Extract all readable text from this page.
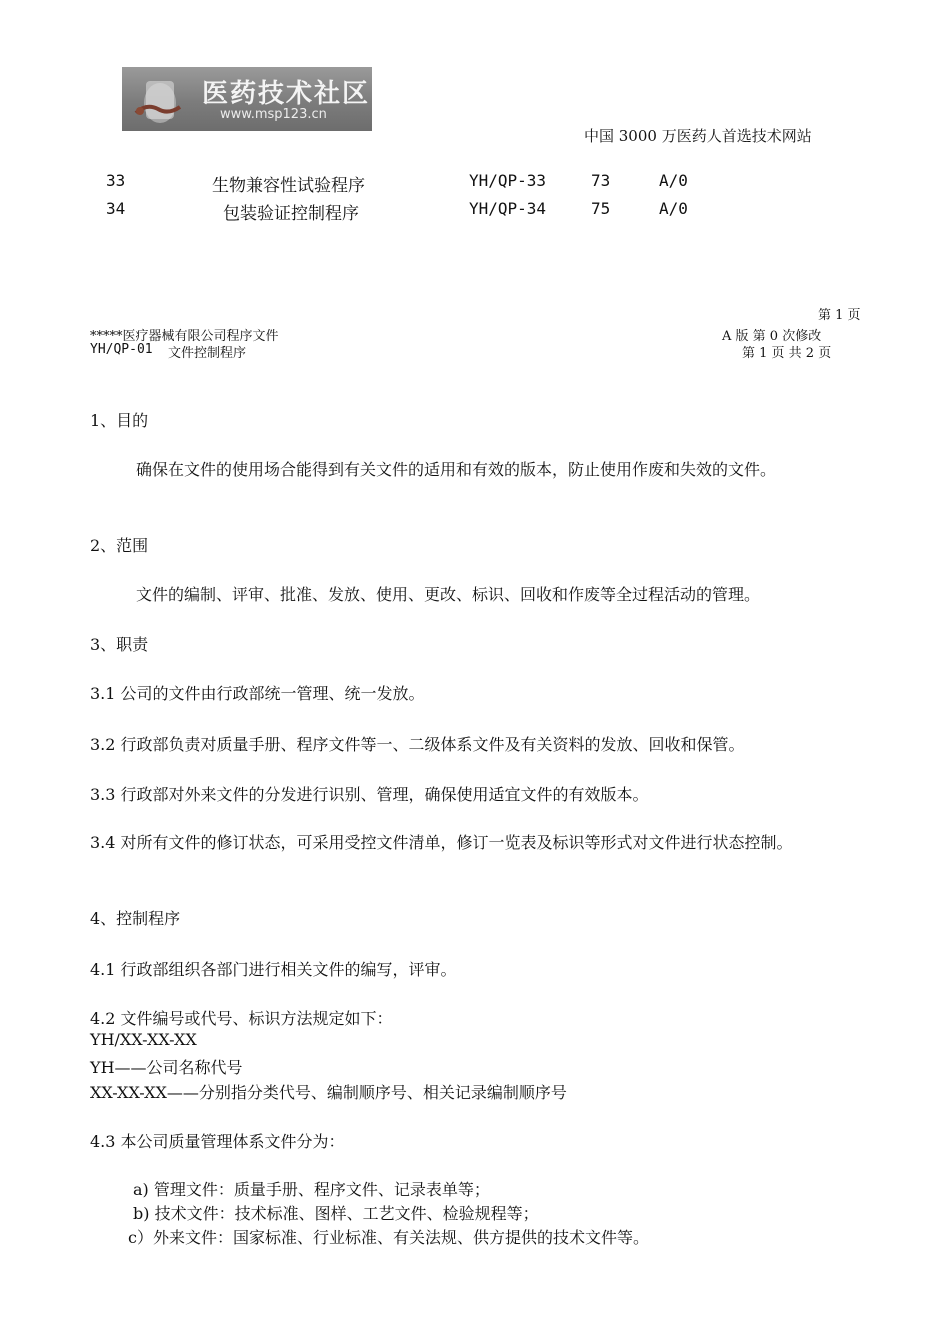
医药技术社区
www.msp123.cn
中国 3000 万医药人首选技术网站
33	生物兼容性试验程序	YH/QP-33	73	A/0
34	包装验证控制程序	YH/QP-34	75	A/0
第 1 页
*****医疗器械有限公司程序文件	A 版 第 0 次修改
YH/QP-01 文件控制程序	第 1 页 共 2 页
1、目的
确保在文件的使用场合能得到有关文件的适用和有效的版本，防止使用作废和失效的文件。
2、范围
文件的编制、评审、批准、发放、使用、更改、标识、回收和作废等全过程活动的管理。
3、职责
3.1 公司的文件由行政部统一管理、统一发放。
3.2 行政部负责对质量手册、程序文件等一、二级体系文件及有关资料的发放、回收和保管。
3.3 行政部对外来文件的分发进行识别、管理，确保使用适宜文件的有效版本。
3.4 对所有文件的修订状态，可采用受控文件清单，修订一览表及标识等形式对文件进行状态控制。
4、控制程序
4.1 行政部组织各部门进行相关文件的编写，评审。
4.2 文件编号或代号、标识方法规定如下：
YH/XX-XX-XX
YH——公司名称代号
XX-XX-XX——分别指分类代号、编制顺序号、相关记录编制顺序号
4.3 本公司质量管理体系文件分为：
a) 管理文件：质量手册、程序文件、记录表单等；
b) 技术文件：技术标准、图样、工艺文件、检验规程等；
c）外来文件：国家标准、行业标准、有关法规、供方提供的技术文件等。
